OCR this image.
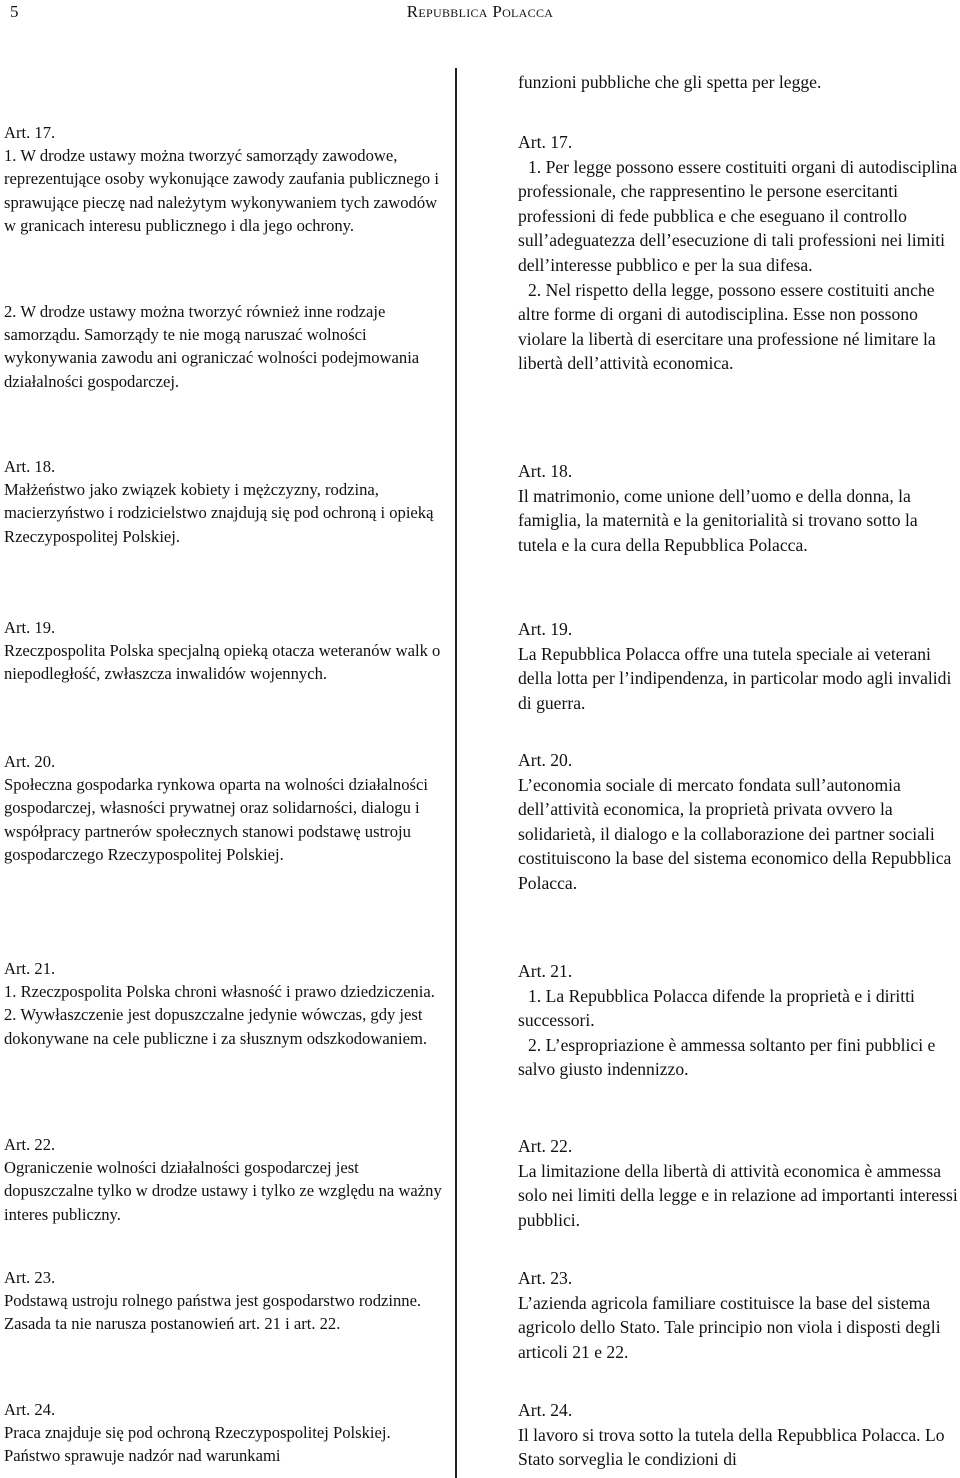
5	Repubblica Polacca

Art. 17.

1. W drodze ustawy można tworzyć samorządy zawodowe, reprezentujące osoby wykonujące zawody zaufania publicznego i sprawujące pieczę nad należytym wykonywaniem tych zawodów w granicach interesu publicznego i dla jego ochrony.

2. W drodze ustawy można tworzyć również inne rodzaje samorządu. Samorządy te nie mogą naruszać wolności wykonywania zawodu ani ograniczać wolności podejmowania działalności gospodarczej.

Art. 18.

Małżeństwo jako związek kobiety i mężczyzny, rodzina, macierzyństwo i rodzicielstwo znajdują się pod ochroną i opieką Rzeczypospolitej Polskiej.

Art. 19.

Rzeczpospolita Polska specjalną opieką otacza weteranów walk o niepodległość, zwłaszcza inwalidów wojennych.

Art. 20.

Społeczna gospodarka rynkowa oparta na wolności działalności gospodarczej, własności prywatnej oraz solidarności, dialogu i współpracy partnerów społecznych stanowi podstawę ustroju gospodarczego Rzeczypospolitej Polskiej.

Art. 21.

1. Rzeczpospolita Polska chroni własność i prawo dziedziczenia.

2. Wywłaszczenie jest dopuszczalne jedynie wówczas, gdy jest dokonywane na cele publiczne i za słusznym odszkodowaniem.

Art. 22.

Ograniczenie wolności działalności gospodarczej jest dopuszczalne tylko w drodze ustawy i tylko ze względu na ważny interes publiczny.

Art. 23.

Podstawą ustroju rolnego państwa jest gospodarstwo rodzinne. Zasada ta nie narusza postanowień art. 21 i art. 22.

Art. 24.

Praca znajduje się pod ochroną Rzeczypospolitej Polskiej. Państwo sprawuje nadzór nad warunkami

funzioni pubbliche che gli spetta per legge.

Art. 17.

1. Per legge possono essere costituiti organi di autodisciplina professionale, che rappresentino le persone esercitanti professioni di fede pubblica e che eseguano il controllo sull’adeguatezza dell’esecuzione di tali professioni nei limiti dell’interesse pubblico e per la sua difesa.

2. Nel rispetto della legge, possono essere costituiti anche altre forme di organi di autodisciplina. Esse non possono violare la libertà di esercitare una professione né limitare la libertà dell’attività economica.

Art. 18.

Il matrimonio, come unione dell’uomo e della donna, la famiglia, la maternità e la genitorialità si trovano sotto la tutela e la cura della Repubblica Polacca.

Art. 19.

La Repubblica Polacca offre una tutela speciale ai veterani della lotta per l’indipendenza, in particolar modo agli invalidi di guerra.

Art. 20.

L’economia sociale di mercato fondata sull’autonomia dell’attività economica, la proprietà privata ovvero la solidarietà, il dialogo e la collaborazione dei partner sociali costituiscono la base del sistema economico della Repubblica Polacca.

Art. 21.

1. La Repubblica Polacca difende la proprietà e i diritti successori.

2. L’espropriazione è ammessa soltanto per fini pubblici e salvo giusto indennizzo.

Art. 22.

La limitazione della libertà di attività economica è ammessa solo nei limiti della legge e in relazione ad importanti interessi pubblici.

Art. 23.

L’azienda agricola familiare costituisce la base del sistema agricolo dello Stato. Tale principio non viola i disposti degli articoli 21 e 22.

Art. 24.

Il lavoro si trova sotto la tutela della Repubblica Polacca. Lo Stato sorveglia le condizioni di
